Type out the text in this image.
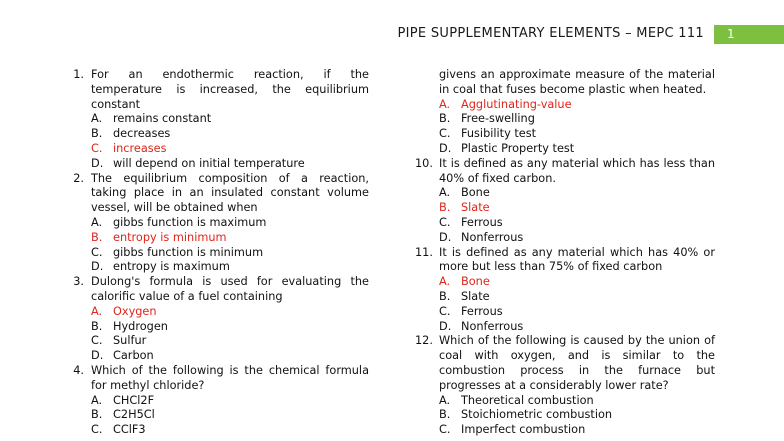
PIPE SUPPLEMENTARY ELEMENTS – MEPC 111	1
1. For an endothermic reaction, if the
temperature is increased, the equilibrium constant
A. remains constant
B. decreases
C. increases
D. will depend on initial temperature
2. The equilibrium composition of a reaction, taking place in an insulated constant volume vessel, will be obtained when
A. gibbs function is maximum
B. entropy is minimum
C. gibbs function is minimum
D. entropy is maximum
3. Dulong's formula is used for evaluating the calorific value of a fuel containing
A. Oxygen
B. Hydrogen
C. Sulfur
D. Carbon
4. Which of the following is the chemical formula for methyl chloride?
A. CHCl2F
B. C2H5Cl
C. CClF3
givens an approximate measure of the material in coal that fuses become plastic when heated.
A. Agglutinating-value
B. Free-swelling
C. Fusibility test
D. Plastic Property test
10. It is defined as any material which has less than 40% of fixed carbon.
A. Bone
B. Slate
C. Ferrous
D. Nonferrous
11. It is defined as any material which has 40% or more but less than 75% of fixed carbon
A. Bone
B. Slate
C. Ferrous
D. Nonferrous
12. Which of the following is caused by the union of coal with oxygen, and is similar to the combustion process in the furnace but progresses at a considerably lower rate?
A. Theoretical combustion
B. Stoichiometric combustion
C. Imperfect combustion
